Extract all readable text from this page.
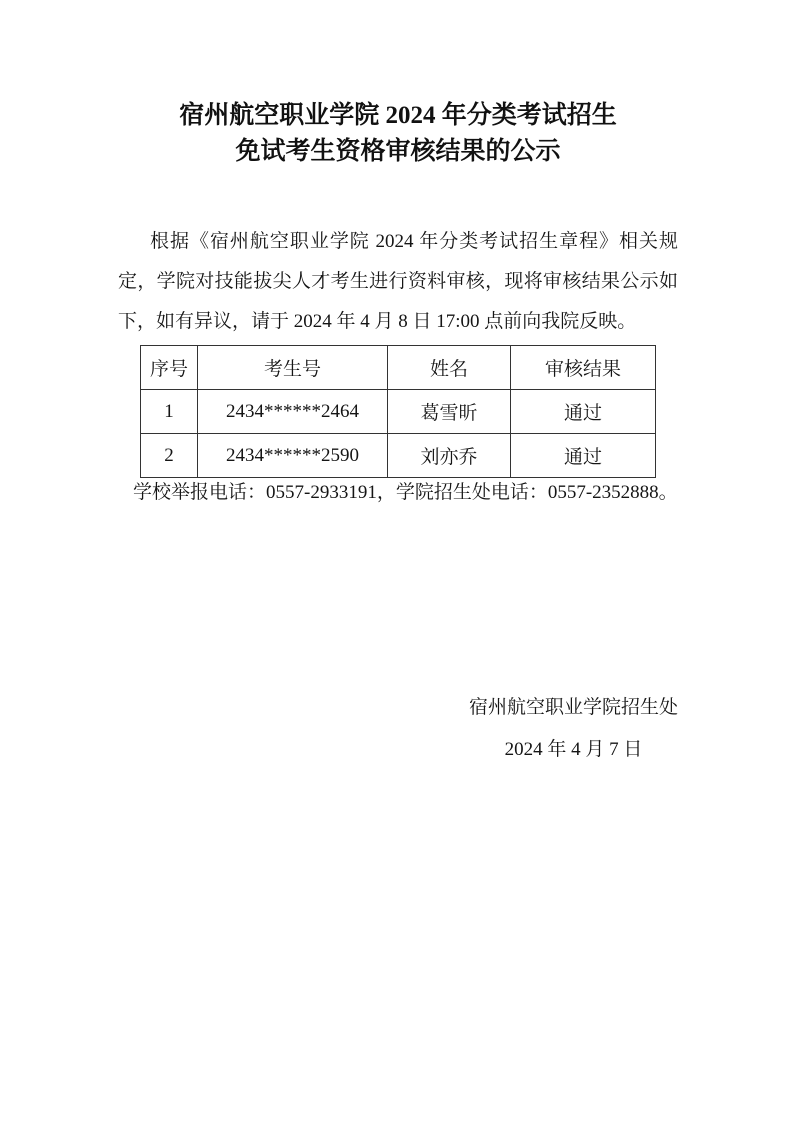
宿州航空职业学院 2024 年分类考试招生
免试考生资格审核结果的公示

根据《宿州航空职业学院 2024 年分类考试招生章程》相关规定，学院对技能拔尖人才考生进行资料审核，现将审核结果公示如下，如有异议，请于 2024 年 4 月 8 日 17:00 点前向我院反映。

序号	考生号	姓名	审核结果
1	2434******2464	葛雪昕	通过
2	2434******2590	刘亦乔	通过

学校举报电话：0557-2933191，学院招生处电话：0557-2352888。

宿州航空职业学院招生处
2024 年 4 月 7 日
